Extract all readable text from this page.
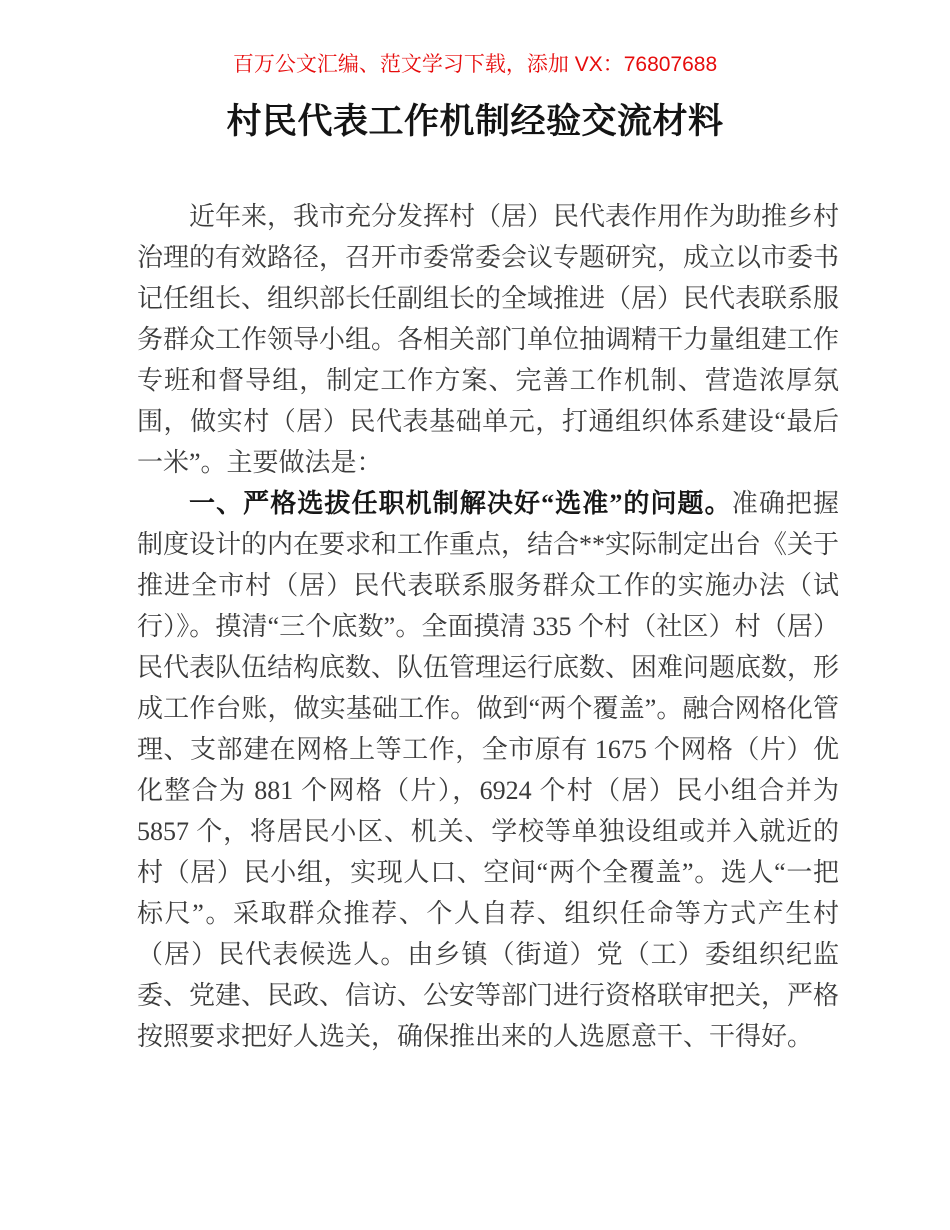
百万公文汇编、范文学习下载，添加 VX：76807688
村民代表工作机制经验交流材料

近年来，我市充分发挥村（居）民代表作用作为助推乡村治理的有效路径，召开市委常委会议专题研究，成立以市委书记任组长、组织部长任副组长的全域推进（居）民代表联系服务群众工作领导小组。各相关部门单位抽调精干力量组建工作专班和督导组，制定工作方案、完善工作机制、营造浓厚氛围，做实村（居）民代表基础单元，打通组织体系建设“最后一米”。主要做法是：

一、严格选拔任职机制解决好“选准”的问题。准确把握制度设计的内在要求和工作重点，结合**实际制定出台《关于推进全市村（居）民代表联系服务群众工作的实施办法（试行）》。摸清“三个底数”。全面摸清 335 个村（社区）村（居）民代表队伍结构底数、队伍管理运行底数、困难问题底数，形成工作台账，做实基础工作。做到“两个覆盖”。融合网格化管理、支部建在网格上等工作，全市原有 1675 个网格（片）优化整合为 881 个网格（片），6924 个村（居）民小组合并为 5857 个，将居民小区、机关、学校等单独设组或并入就近的村（居）民小组，实现人口、空间“两个全覆盖”。选人“一把标尺”。采取群众推荐、个人自荐、组织任命等方式产生村（居）民代表候选人。由乡镇（街道）党（工）委组织纪监委、党建、民政、信访、公安等部门进行资格联审把关，严格按照要求把好人选关，确保推出来的人选愿意干、干得好。
